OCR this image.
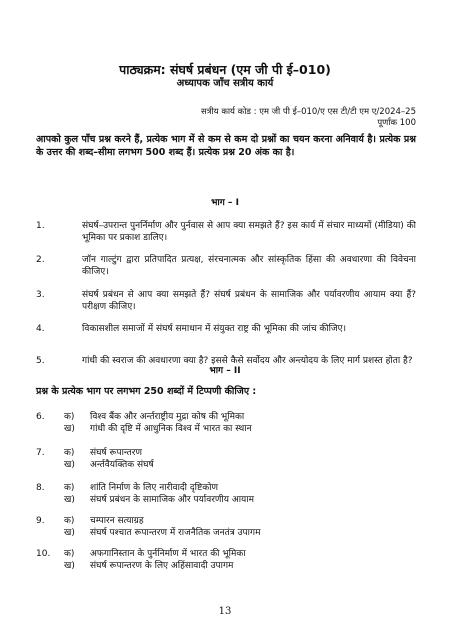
पाठ्यक्रम: संघर्ष प्रबंधन (एम जी पी ई–010)
अध्यापक जाँच सत्रीय कार्य
सत्रीय कार्य कोड : एम जी पी ई–010/ए एस टी/टी एम ए/2024–25
पूर्णांक 100
आपको कुल पाँच प्रश्न करने हैं, प्रत्येक भाग में से कम से कम दो प्रश्नों का चयन करना अनिवार्य है। प्रत्येक प्रश्न के उत्तर की शब्द–सीमा लगभग 500 शब्द हैं। प्रत्येक प्रश्न 20 अंक का है।
भाग – I
1.	संघर्ष–उपरान्त पुनर्निर्माण और पुर्नवास से आप क्या समझते हैं? इस कार्य में संचार माध्यमों (मीडिया) की भूमिका पर प्रकाश डालिए।
2.	जॉन गाल्टुंग द्वारा प्रतिपादित प्रत्यक्ष, संरचनात्मक और सांस्कृतिक हिंसा की अवधारणा की विवेचना कीजिए।
3.	संघर्ष प्रबंधन से आप क्या समझते हैं? संघर्ष प्रबंधन के सामाजिक और पर्यावरणीय आयाम क्या हैं? परीक्षण कीजिए।
4.	विकासशील समाजों में संघर्ष समाधान में संयुक्त राष्ट्र की भूमिका की जांच कीजिए।
5.	गांधी की स्वराज की अवधारणा क्या है? इससे कैसे सर्वोदय और अन्त्योदय के लिए मार्ग प्रशस्त होता है?
भाग – II
प्रश्न के प्रत्येक भाग पर लगभग 250 शब्दों में टिप्पणी कीजिए :
6.	क)	विश्व बैंक और अर्न्तराष्ट्रीय मुद्रा कोष की भूमिका
ख)	गांधी की दृष्टि में आधुनिक विश्व में भारत का स्थान
7.	क)	संघर्ष रूपान्तरण
ख)	अर्न्तवैयक्तिक संघर्ष
8.	क)	शांति निर्माण के लिए नारीवादी दृष्टिकोण
ख)	संघर्ष प्रबंधन के सामाजिक और पर्यावरणीय आयाम
9.	क)	चम्पारन सत्याग्रह
ख)	संघर्ष पश्चात रूपान्तरण में राजनैतिक जनतंत्र उपागम
10.	क)	अफगानिस्तान के पुर्ननिर्माण में भारत की भूमिका
ख)	संघर्ष रूपान्तरण के लिए अहिंसावादी उपागम
13
